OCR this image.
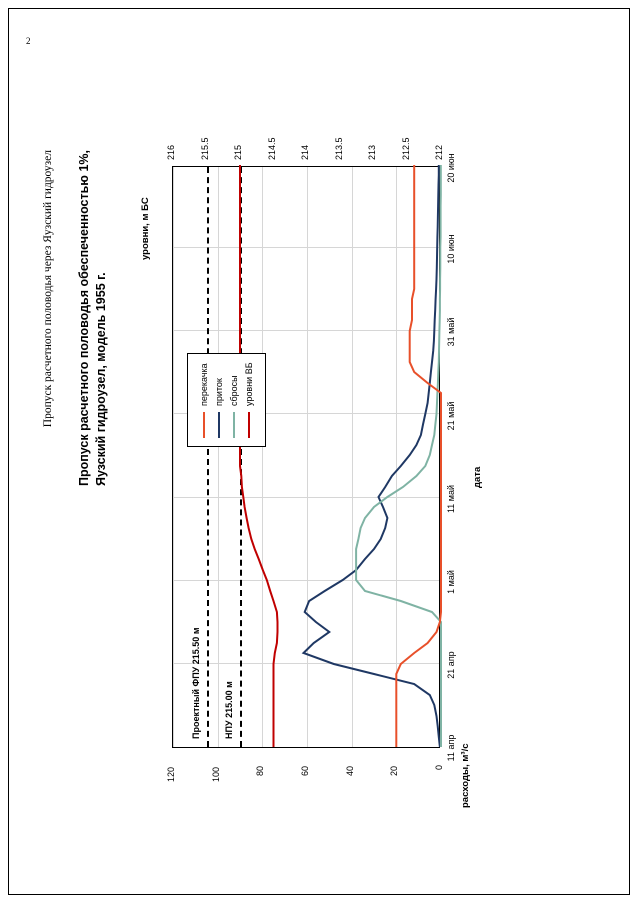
2
Пропуск расчетного половодья через Яузский гидроузел Пропуск расчетного половодья обеспеченностью 1%, Яузский гидроузел, модель 1955 г.
расходы, м³/с
уровни, м БС
дата
Проектный ФПУ 215.50 м	НПУ 215.00 м
перекачка приток сбросы уровни ВБ
120	100	80	60	40	20	0
216	215.5	215	214.5	214	213.5	213	212.5	212
11 апр
21 апр
1 май
11 май
21 май
31 май
10 июн
20 июн
